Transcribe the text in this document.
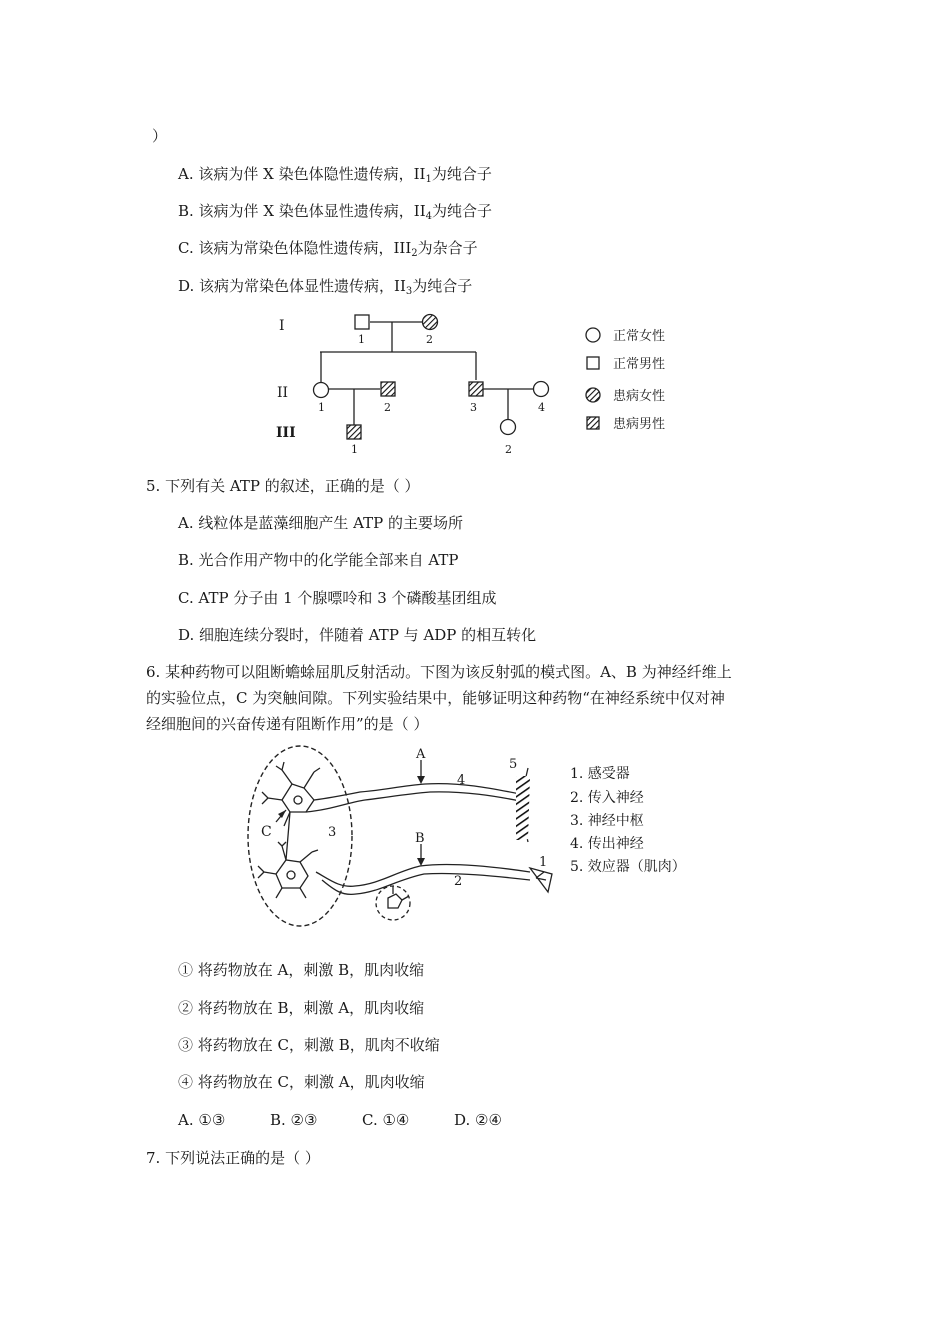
）
A. 该病为伴 X 染色体隐性遗传病，$II_1$为纯合子
B. 该病为伴 X 染色体显性遗传病，$II_4$为纯合子
C. 该病为常染色体隐性遗传病，$III_2$为杂合子
D. 该病为常染色体显性遗传病，$II_3$为纯合子
I
II
III
1	2
1	2	3	4
1	2
正常女性
正常男性
患病女性
患病男性
5. 下列有关 ATP 的叙述，正确的是（ ）
A. 线粒体是蓝藻细胞产生 ATP 的主要场所
B. 光合作用产物中的化学能全部来自 ATP
C. ATP 分子由 1 个腺嘌呤和 3 个磷酸基团组成
D. 细胞连续分裂时，伴随着 ATP 与 ADP 的相互转化
6. 某种药物可以阻断蟾蜍屈肌反射活动。下图为该反射弧的模式图。A、B 为神经纤维上
的实验位点，C 为突触间隙。下列实验结果中，能够证明这种药物“在神经系统中仅对神
经细胞间的兴奋传递有阻断作用”的是（ ）
A
B
C
1
2
3
4
5
1. 感受器
2. 传入神经
3. 神经中枢
4. 传出神经
5. 效应器（肌肉）
① 将药物放在 A，刺激 B，肌肉收缩
② 将药物放在 B，刺激 A，肌肉收缩
③ 将药物放在 C，刺激 B，肌肉不收缩
④ 将药物放在 C，刺激 A，肌肉收缩
A. ①③	B. ②③	C. ①④	D. ②④
7. 下列说法正确的是（ ）
